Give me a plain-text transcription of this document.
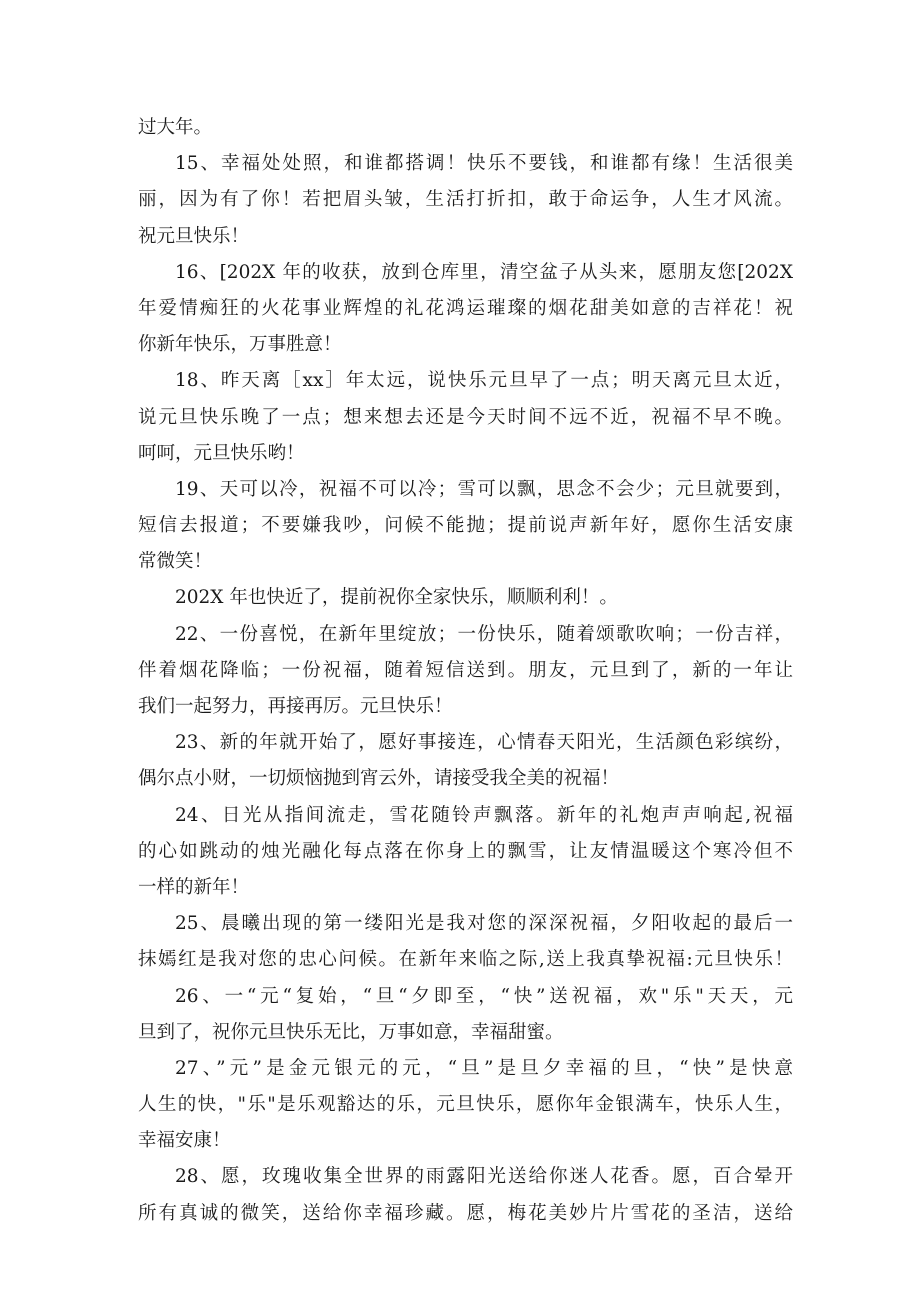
过大年。
15、幸福处处照，和谁都搭调！快乐不要钱，和谁都有缘！生活很美
丽，因为有了你！若把眉头皱，生活打折扣，敢于命运争，人生才风流。
祝元旦快乐！
16、[202X 年的收获，放到仓库里，清空盆子从头来，愿朋友您[202X
年爱情痴狂的火花事业辉煌的礼花鸿运璀璨的烟花甜美如意的吉祥花！祝
你新年快乐，万事胜意！
18、昨天离［xx］年太远，说快乐元旦早了一点；明天离元旦太近，
说元旦快乐晚了一点；想来想去还是今天时间不远不近，祝福不早不晚。
呵呵，元旦快乐哟！
19、天可以冷，祝福不可以冷；雪可以飘，思念不会少；元旦就要到，
短信去报道；不要嫌我吵，问候不能抛；提前说声新年好，愿你生活安康
常微笑！
202X 年也快近了，提前祝你全家快乐，顺顺利利！。
22、一份喜悦，在新年里绽放；一份快乐，随着颂歌吹响；一份吉祥，
伴着烟花降临；一份祝福，随着短信送到。朋友，元旦到了，新的一年让
我们一起努力，再接再厉。元旦快乐！
23、新的年就开始了，愿好事接连，心情春天阳光，生活颜色彩缤纷，
偶尔点小财，一切烦恼抛到宵云外，请接受我全美的祝福！
24、日光从指间流走，雪花随铃声飘落。新年的礼炮声声响起,祝福
的心如跳动的烛光融化每点落在你身上的飘雪，让友情温暖这个寒冷但不
一样的新年！
25、晨曦出现的第一缕阳光是我对您的深深祝福，夕阳收起的最后一
抹嫣红是我对您的忠心问候。在新年来临之际,送上我真挚祝福:元旦快乐！
26、一“元“复始，“旦“夕即至，“快”送祝福，欢"乐"天天，元
旦到了，祝你元旦快乐无比，万事如意，幸福甜蜜。
27、”元”是金元银元的元，“旦”是旦夕幸福的旦，“快”是快意
人生的快，"乐"是乐观豁达的乐，元旦快乐，愿你年金银满车，快乐人生，
幸福安康！
28、愿，玫瑰收集全世界的雨露阳光送给你迷人花香。愿，百合晕开
所有真诚的微笑，送给你幸福珍藏。愿，梅花美妙片片雪花的圣洁，送给
